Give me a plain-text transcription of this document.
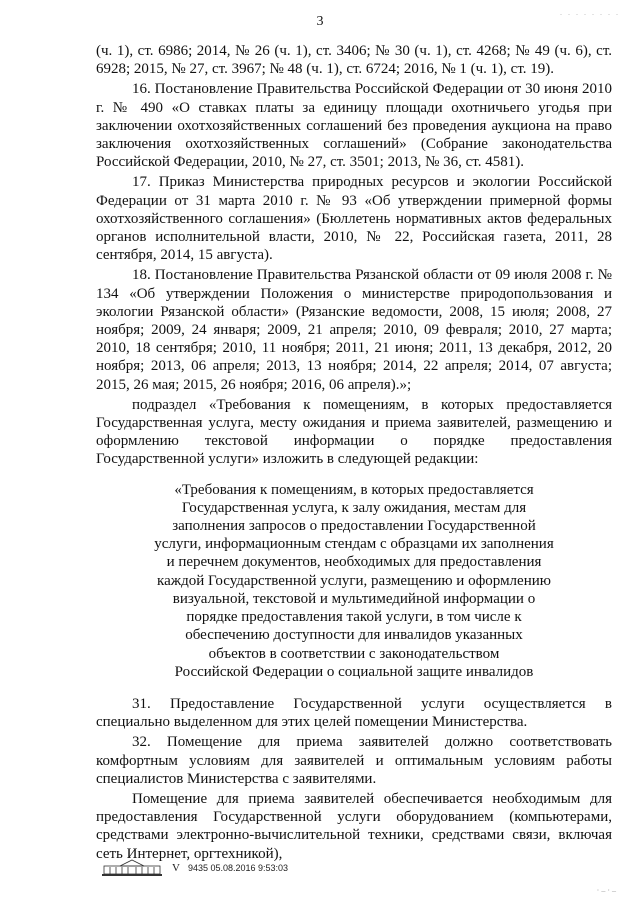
. . . . . . . .
3

(ч. 1), ст. 6986; 2014, № 26 (ч. 1), ст. 3406; № 30 (ч. 1), ст. 4268; № 49 (ч. 6), ст. 6928; 2015, № 27, ст. 3967; № 48 (ч. 1), ст. 6724; 2016, № 1 (ч. 1), ст. 19).

16. Постановление Правительства Российской Федерации от 30 июня 2010 г. № 490 «О ставках платы за единицу площади охотничьего угодья при заключении охотхозяйственных соглашений без проведения аукциона на право заключения охотхозяйственных соглашений» (Собрание законодательства Российской Федерации, 2010, № 27, ст. 3501; 2013, № 36, ст. 4581).

17. Приказ Министерства природных ресурсов и экологии Российской Федерации от 31 марта 2010 г. № 93 «Об утверждении примерной формы охотхозяйственного соглашения» (Бюллетень нормативных актов федеральных органов исполнительной власти, 2010, № 22, Российская газета, 2011, 28 сентября, 2014, 15 августа).

18. Постановление Правительства Рязанской области от 09 июля 2008 г. № 134 «Об утверждении Положения о министерстве природопользования и экологии Рязанской области» (Рязанские ведомости, 2008, 15 июля; 2008, 27 ноября; 2009, 24 января; 2009, 21 апреля; 2010, 09 февраля; 2010, 27 марта; 2010, 18 сентября; 2010, 11 ноября; 2011, 21 июня; 2011, 13 декабря, 2012, 20 ноября; 2013, 06 апреля; 2013, 13 ноября; 2014, 22 апреля; 2014, 07 августа; 2015, 26 мая; 2015, 26 ноября; 2016, 06 апреля).»;

подраздел «Требования к помещениям, в которых предоставляется Государственная услуга, месту ожидания и приема заявителей, размещению и оформлению текстовой информации о порядке предоставления Государственной услуги» изложить в следующей редакции:

«Требования к помещениям, в которых предоставляется
Государственная услуга, к залу ожидания, местам для
заполнения запросов о предоставлении Государственной
услуги, информационным стендам с образцами их заполнения
и перечнем документов, необходимых для предоставления
каждой Государственной услуги, размещению и оформлению
визуальной, текстовой и мультимедийной информации о
порядке предоставления такой услуги, в том числе к
обеспечению доступности для инвалидов указанных
объектов в соответствии с законодательством
Российской Федерации о социальной защите инвалидов

31. Предоставление Государственной услуги осуществляется в специально выделенном для этих целей помещении Министерства.

32. Помещение для приема заявителей должно соответствовать комфортным условиям для заявителей и оптимальным условиям работы специалистов Министерства с заявителями.

Помещение для приема заявителей обеспечивается необходимым для предоставления Государственной услуги оборудованием (компьютерами, средствами электронно-вычислительной техники, средствами связи, включая сеть Интернет, оргтехникой),

V 9435 05.08.2016 9:53:03
· – · –
